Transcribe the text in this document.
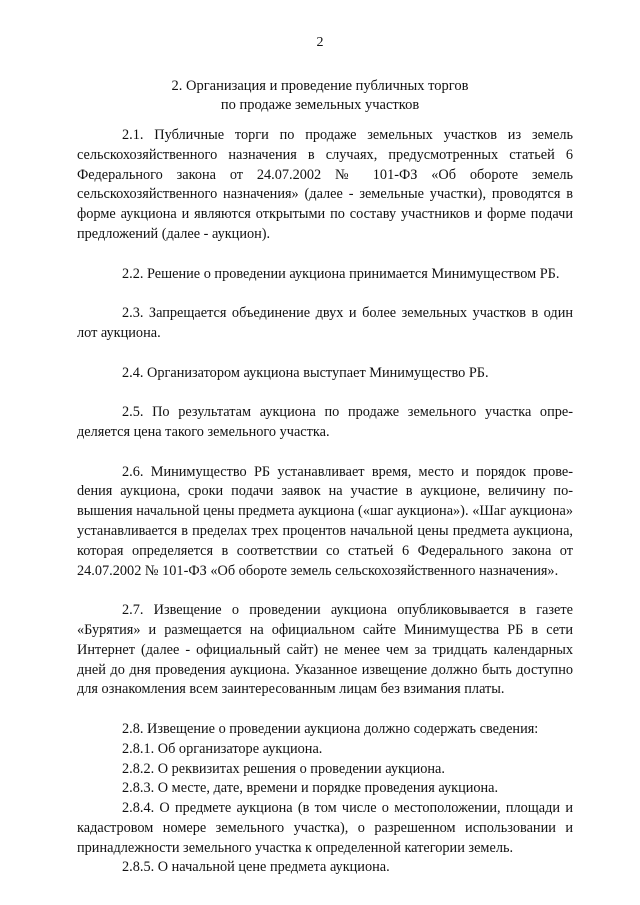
2
2. Организация и проведение публичных торгов
по продаже земельных участков

2.1. Публичные торги по продаже земельных участков из земель сельскохозяйственного назначения в случаях, предусмотренных статьей 6 Федерального закона от 24.07.2002 № 101-ФЗ «Об обороте земель сельскохозяйственного назначения» (далее - земельные участки), проводятся в форме аукциона и являются открытыми по составу участников и форме подачи предложений (далее - аукцион).

2.2. Решение о проведении аукциона принимается Минимуществом РБ.

2.3. Запрещается объединение двух и более земельных участков в один лот аукциона.

2.4. Организатором аукциона выступает Минимущество РБ.

2.5. По результатам аукциона по продаже земельного участка определяется цена такого земельного участка.

2.6. Минимущество РБ устанавливает время, место и порядок провеdения аукциона, сроки подачи заявок на участие в аукционе, величину повышения начальной цены предмета аукциона («шаг аукциона»). «Шаг аукциона» устанавливается в пределах трех процентов начальной цены предмета аукциона, которая определяется в соответствии со статьей 6 Федерального закона от 24.07.2002 № 101-ФЗ «Об обороте земель сельскохозяйственного назначения».

2.7. Извещение о проведении аукциона опубликовывается в газете «Бурятия» и размещается на официальном сайте Минимущества РБ в сети Интернет (далее - официальный сайт) не менее чем за тридцать календарных дней до дня проведения аукциона. Указанное извещение должно быть доступно для ознакомления всем заинтересованным лицам без взимания платы.

2.8. Извещение о проведении аукциона должно содержать сведения:

2.8.1. Об организаторе аукциона.

2.8.2. О реквизитах решения о проведении аукциона.

2.8.3. О месте, дате, времени и порядке проведения аукциона.

2.8.4. О предмете аукциона (в том числе о местоположении, площади и кадастровом номере земельного участка), о разрешенном использовании и принадлежности земельного участка к определенной категории земель.

2.8.5. О начальной цене предмета аукциона.
